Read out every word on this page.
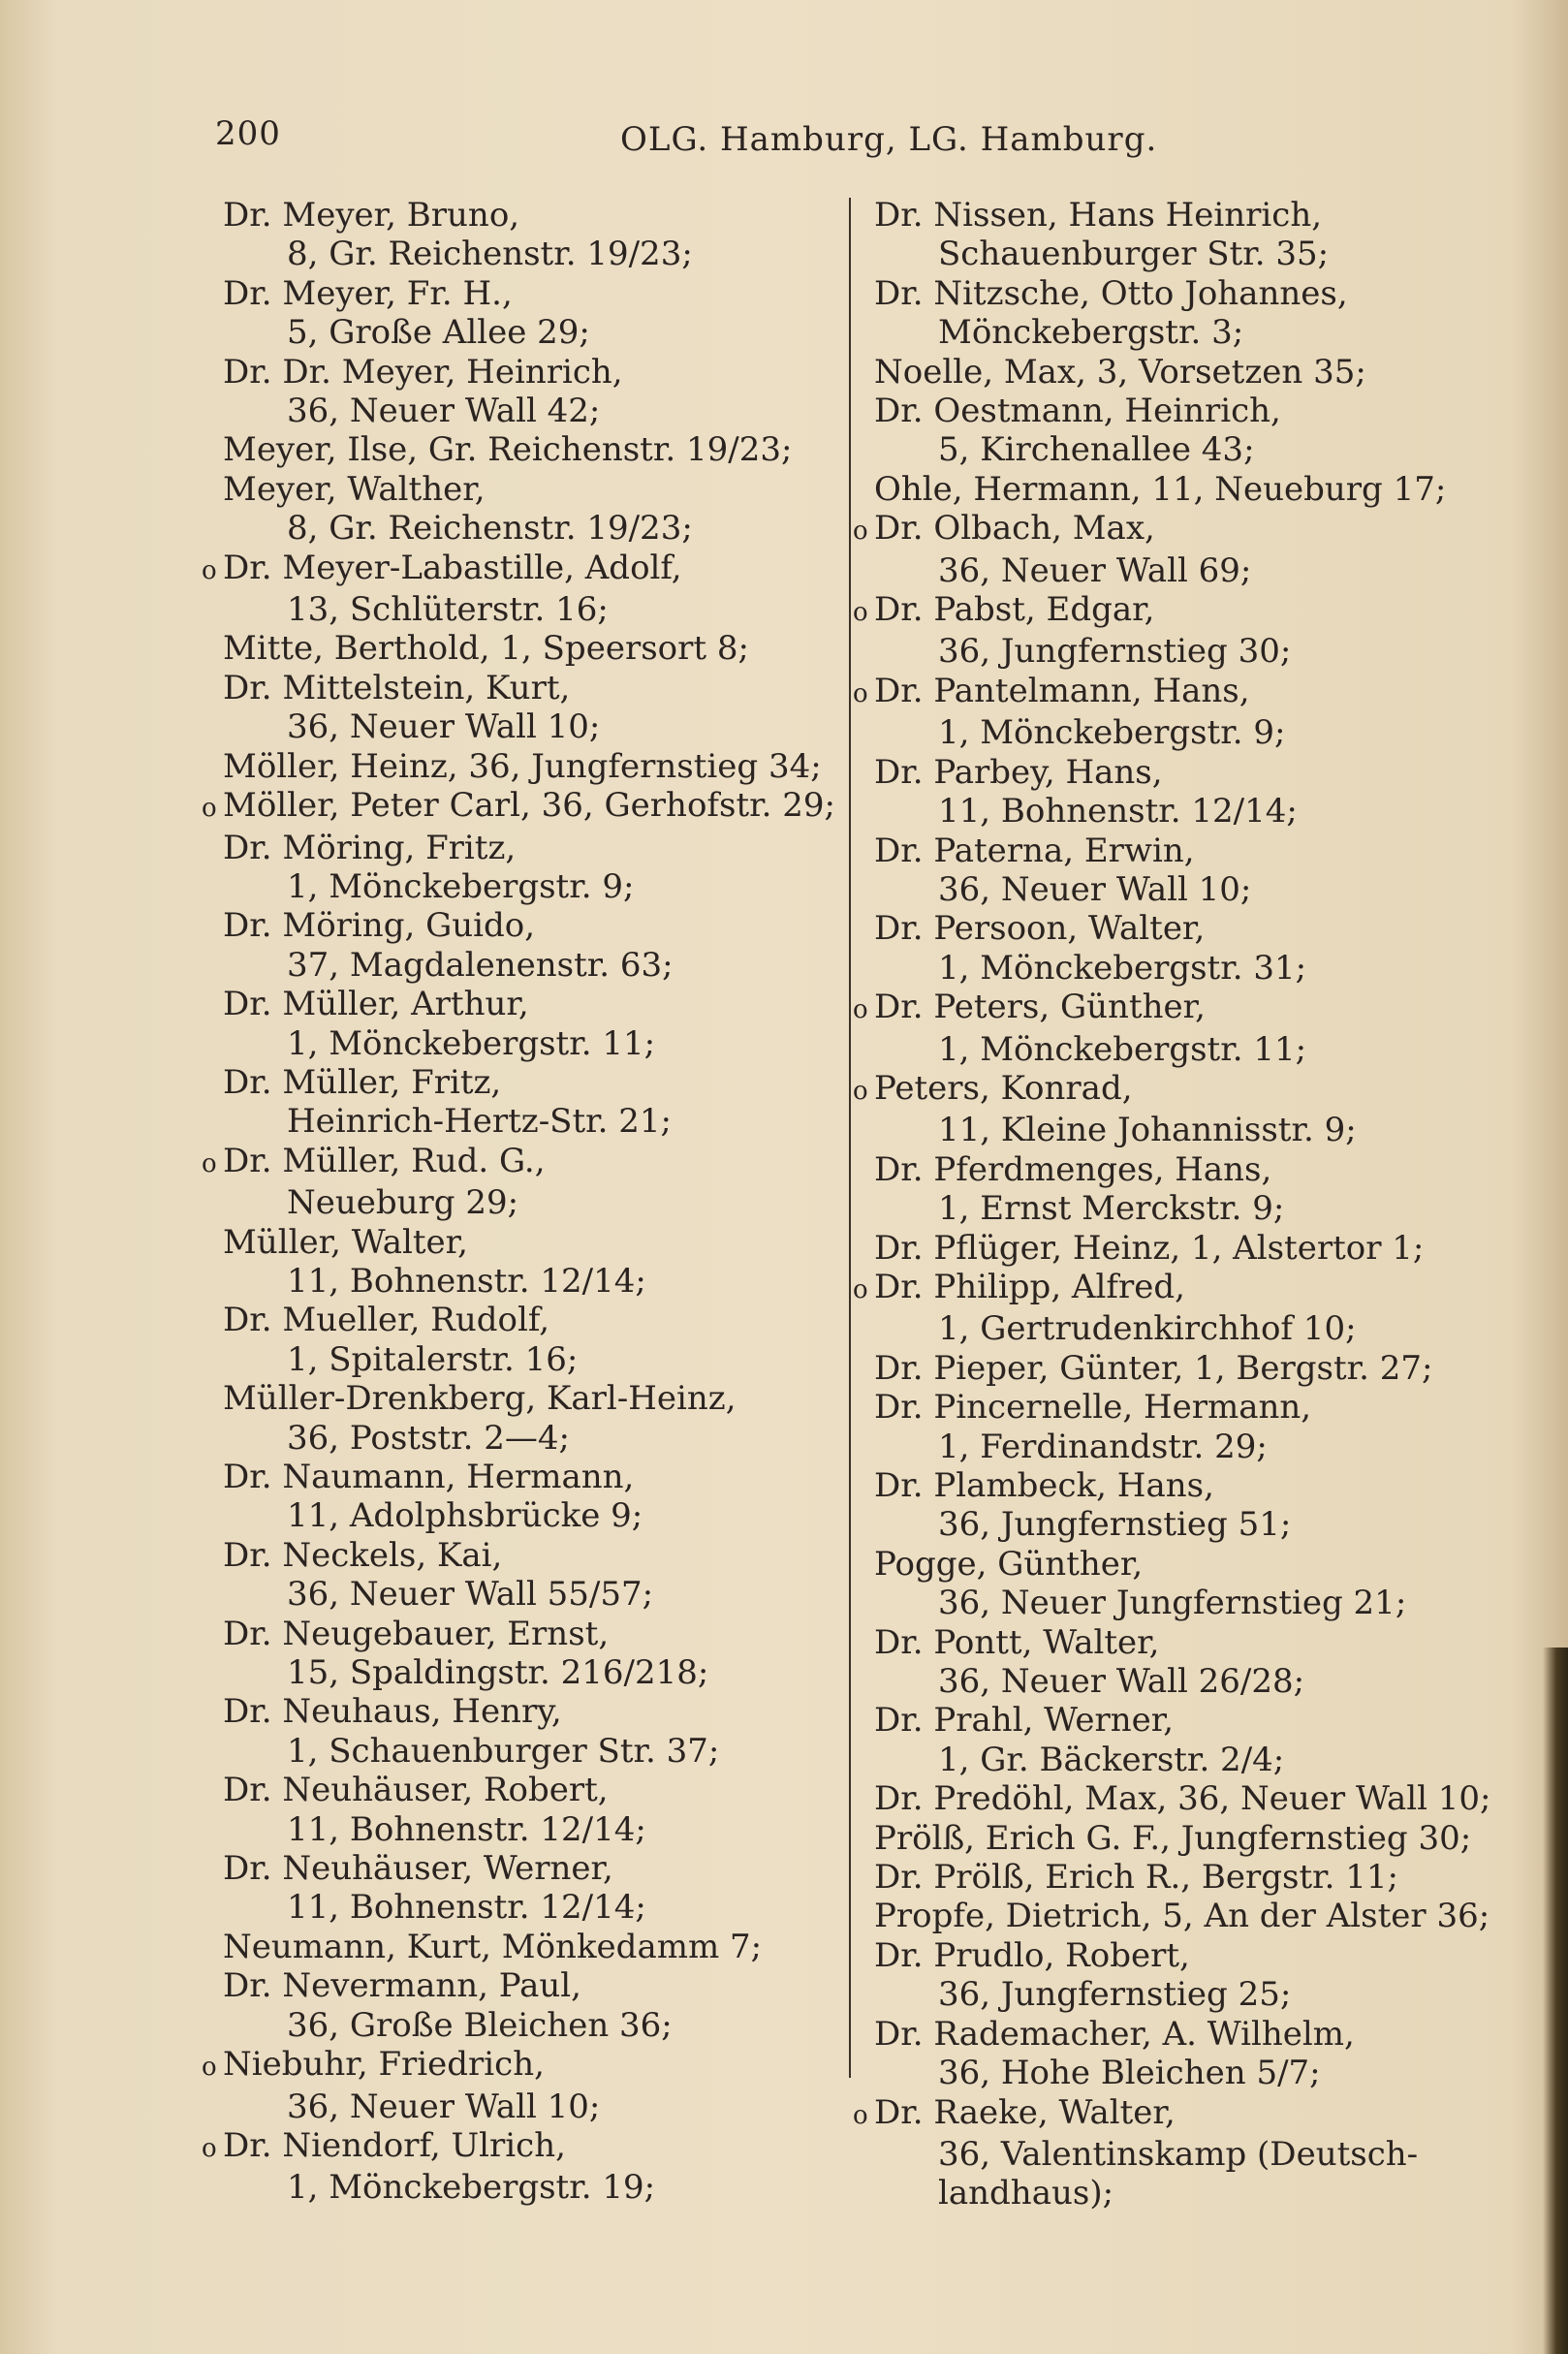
200	OLG. Hamburg, LG. Hamburg.
Dr. Meyer, Bruno,
8, Gr. Reichenstr. 19/23;
Dr. Meyer, Fr. H.,
5, Große Allee 29;
Dr. Dr. Meyer, Heinrich,
36, Neuer Wall 42;
Meyer, Ilse, Gr. Reichenstr. 19/23;
Meyer, Walther,
8, Gr. Reichenstr. 19/23;
o Dr. Meyer-Labastille, Adolf,
13, Schlüterstr. 16;
Mitte, Berthold, 1, Speersort 8;
Dr. Mittelstein, Kurt,
36, Neuer Wall 10;
Möller, Heinz, 36, Jungfernstieg 34;
o Möller, Peter Carl, 36, Gerhofstr. 29;
Dr. Möring, Fritz,
1, Mönckebergstr. 9;
Dr. Möring, Guido,
37, Magdalenenstr. 63;
Dr. Müller, Arthur,
1, Mönckebergstr. 11;
Dr. Müller, Fritz,
Heinrich-Hertz-Str. 21;
o Dr. Müller, Rud. G.,
Neueburg 29;
Müller, Walter,
11, Bohnenstr. 12/14;
Dr. Mueller, Rudolf,
1, Spitalerstr. 16;
Müller-Drenkberg, Karl-Heinz,
36, Poststr. 2—4;
Dr. Naumann, Hermann,
11, Adolphsbrücke 9;
Dr. Neckels, Kai,
36, Neuer Wall 55/57;
Dr. Neugebauer, Ernst,
15, Spaldingstr. 216/218;
Dr. Neuhaus, Henry,
1, Schauenburger Str. 37;
Dr. Neuhäuser, Robert,
11, Bohnenstr. 12/14;
Dr. Neuhäuser, Werner,
11, Bohnenstr. 12/14;
Neumann, Kurt, Mönkedamm 7;
Dr. Nevermann, Paul,
36, Große Bleichen 36;
o Niebuhr, Friedrich,
36, Neuer Wall 10;
o Dr. Niendorf, Ulrich,
1, Mönckebergstr. 19;
Dr. Nissen, Hans Heinrich,
Schauenburger Str. 35;
Dr. Nitzsche, Otto Johannes,
Mönckebergstr. 3;
Noelle, Max, 3, Vorsetzen 35;
Dr. Oestmann, Heinrich,
5, Kirchenallee 43;
Ohle, Hermann, 11, Neueburg 17;
o Dr. Olbach, Max,
36, Neuer Wall 69;
o Dr. Pabst, Edgar,
36, Jungfernstieg 30;
o Dr. Pantelmann, Hans,
1, Mönckebergstr. 9;
Dr. Parbey, Hans,
11, Bohnenstr. 12/14;
Dr. Paterna, Erwin,
36, Neuer Wall 10;
Dr. Persoon, Walter,
1, Mönckebergstr. 31;
o Dr. Peters, Günther,
1, Mönckebergstr. 11;
o Peters, Konrad,
11, Kleine Johannisstr. 9;
Dr. Pferdmenges, Hans,
1, Ernst Merckstr. 9;
Dr. Pflüger, Heinz, 1, Alstertor 1;
o Dr. Philipp, Alfred,
1, Gertrudenkirchhof 10;
Dr. Pieper, Günter, 1, Bergstr. 27;
Dr. Pincernelle, Hermann,
1, Ferdinandstr. 29;
Dr. Plambeck, Hans,
36, Jungfernstieg 51;
Pogge, Günther,
36, Neuer Jungfernstieg 21;
Dr. Pontt, Walter,
36, Neuer Wall 26/28;
Dr. Prahl, Werner,
1, Gr. Bäckerstr. 2/4;
Dr. Predöhl, Max, 36, Neuer Wall 10;
Prölß, Erich G. F., Jungfernstieg 30;
Dr. Prölß, Erich R., Bergstr. 11;
Propfe, Dietrich, 5, An der Alster 36;
Dr. Prudlo, Robert,
36, Jungfernstieg 25;
Dr. Rademacher, A. Wilhelm,
36, Hohe Bleichen 5/7;
o Dr. Raeke, Walter,
36, Valentinskamp (Deutsch-
landhaus);
